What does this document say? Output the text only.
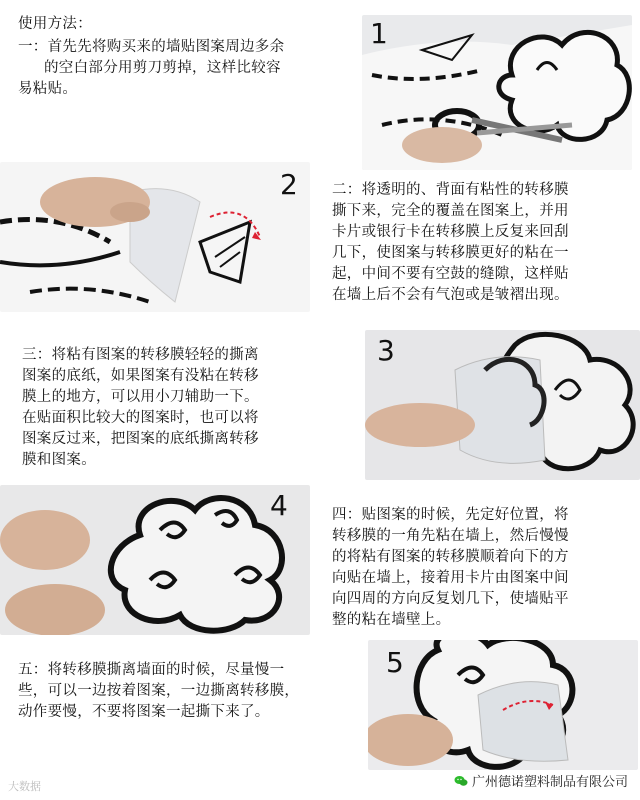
使用方法：
一：首先先将购买来的墙贴图案周边多余
的空白部分用剪刀剪掉，这样比较容
易粘贴。
1
2 二：将透明的、背面有粘性的转移膜
撕下来，完全的覆盖在图案上，并用
卡片或银行卡在转移膜上反复来回刮
几下，使图案与转移膜更好的粘在一
起，中间不要有空鼓的缝隙，这样贴
在墙上后不会有气泡或是皱褶出现。
三：将粘有图案的转移膜轻轻的撕离
图案的底纸，如果图案有没粘在转移
膜上的地方，可以用小刀辅助一下。
在贴面积比较大的图案时，也可以将
图案反过来，把图案的底纸撕离转移
膜和图案。
3
4	四：贴图案的时候，先定好位置，将
转移膜的一角先粘在墙上，然后慢慢
的将粘有图案的转移膜顺着向下的方
向贴在墙上，接着用卡片由图案中间
向四周的方向反复划几下，使墙贴平
整的粘在墙壁上。
五：将转移膜撕离墙面的时候，尽量慢一
些，可以一边按着图案，一边撕离转移膜，
动作要慢，不要将图案一起撕下来了。
5
大数据	广州德诺塑料制品有限公司
